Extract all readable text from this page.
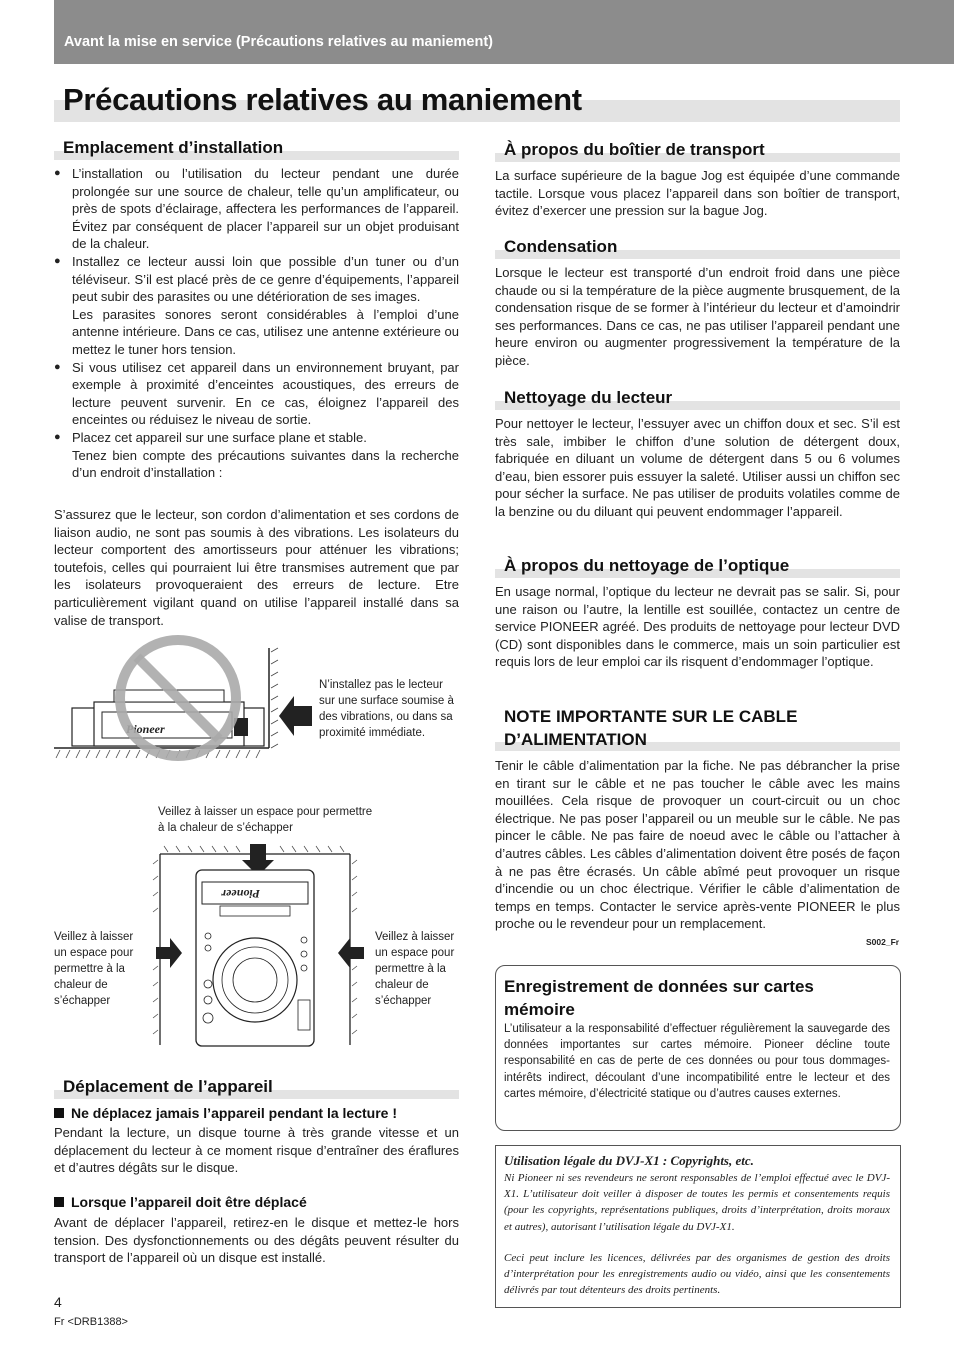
Avant la mise en service (Précautions relatives au maniement)
Précautions relatives au maniement
Emplacement d’installation
● L’installation ou l’utilisation du lecteur pendant une durée prolongée sur une source de chaleur, telle qu’un amplificateur, ou près de spots d’éclairage, affectera les performances de l’appareil. Évitez par conséquent de placer l’appareil sur un objet produisant de la chaleur.
● Installez ce lecteur aussi loin que possible d’un tuner ou d’un téléviseur. S’il est placé près de ce genre d’équipements, l’appareil peut subir des parasites ou une détérioration de ses images.
Les parasites sonores seront considérables à l’emploi d’une antenne intérieure. Dans ce cas, utilisez une antenne extérieure ou mettez le tuner hors tension.
● Si vous utilisez cet appareil dans un environnement bruyant, par exemple à proximité d’enceintes acoustiques, des erreurs de lecture peuvent survenir. En ce cas, éloignez l’appareil des enceintes ou réduisez le niveau de sortie.
● Placez cet appareil sur une surface plane et stable.
Tenez bien compte des précautions suivantes dans la recherche d’un endroit d’installation :
S’assurez que le lecteur, son cordon d’alimentation et ses cordons de liaison audio, ne sont pas soumis à des vibrations. Les isolateurs du lecteur comportent des amortisseurs pour atténuer les vibrations; toutefois, celles qui pourraient lui être transmises autrement que par les isolateurs provoqueraient des erreurs de lecture. Etre particulièrement vigilant quand on utilise l’appareil installé dans sa valise de transport.
Pioneer
N’installez pas le lecteur sur une surface soumise à des vibrations, ou dans sa proximité immédiate.
Veillez à laisser un espace pour permettre à la chaleur de s’échapper
Veillez à laisser un espace pour permettre à la chaleur de s’échapper
Veillez à laisser un espace pour permettre à la chaleur de s’échapper
Pioneer
Déplacement de l’appareil
Ne déplacez jamais l’appareil pendant la lecture !
Pendant la lecture, un disque tourne à très grande vitesse et un déplacement du lecteur à ce moment risque d’entraîner des éraflures et d’autres dégâts sur le disque.
Lorsque l’appareil doit être déplacé
Avant de déplacer l’appareil, retirez-en le disque et mettez-le hors tension. Des dysfonctionnements ou des dégâts peuvent résulter du transport de l’appareil où un disque est installé.
À propos du boîtier de transport
La surface supérieure de la bague Jog est équipée d’une commande tactile. Lorsque vous placez l’appareil dans son boîtier de transport, évitez d’exercer une pression sur la bague Jog.
Condensation
Lorsque le lecteur est transporté d’un endroit froid dans une pièce chaude ou si la température de la pièce augmente brusquement, de la condensation risque de se former à l’intérieur du lecteur et d’amoindrir ses performances. Dans ce cas, ne pas utiliser l’appareil pendant une heure environ ou augmenter progressivement la température de la pièce.
Nettoyage du lecteur
Pour nettoyer le lecteur, l’essuyer avec un chiffon doux et sec. S’il est très sale, imbiber le chiffon d’une solution de détergent doux, fabriquée en diluant un volume de détergent dans 5 ou 6 volumes d’eau, bien essorer puis essuyer la saleté. Utiliser aussi un chiffon sec pour sécher la surface. Ne pas utiliser de produits volatiles comme de la benzine ou du diluant qui peuvent endommager l’appareil.
À propos du nettoyage de l’optique
En usage normal, l’optique du lecteur ne devrait pas se salir. Si, pour une raison ou l’autre, la lentille est souillée, contactez un centre de service PIONEER agréé. Des produits de nettoyage pour lecteur DVD (CD) sont disponibles dans le commerce, mais un soin particulier est requis lors de leur emploi car ils risquent d’endommager l’optique.
NOTE IMPORTANTE SUR LE CABLE
D’ALIMENTATION
Tenir le câble d’alimentation par la fiche. Ne pas débrancher la prise en tirant sur le câble et ne pas toucher le câble avec les mains mouillées. Cela risque de provoquer un court-circuit ou un choc électrique. Ne pas poser l’appareil ou un meuble sur le câble. Ne pas pincer le câble. Ne pas faire de noeud avec le câble ou l’attacher à d’autres câbles. Les câbles d’alimentation doivent être posés de façon à ne pas être écrasés. Un câble abîmé peut provoquer un risque d’incendie ou un choc électrique. Vérifier le câble d’alimentation de temps en temps. Contacter le service après-vente PIONEER le plus proche ou le revendeur pour un remplacement.
S002_Fr
Enregistrement de données sur cartes mémoire
L’utilisateur a la responsabilité d’effectuer régulièrement la sauvegarde des données importantes sur cartes mémoire. Pioneer décline toute responsabilité en cas de perte de ces données ou pour tous dommages-intérêts indirect, découlant d’une incompatibilité entre le lecteur et des cartes mémoire, d’électricité statique ou d’autres causes externes.
Utilisation légale du DVJ-X1 : Copyrights, etc.
Ni Pioneer ni ses revendeurs ne seront responsables de l’emploi effectué avec le DVJ-X1. L’utilisateur doit veiller à disposer de toutes les permis et consentements requis (pour les copyrights, représentations publiques, droits d’interprétation, droits moraux et autres), autorisant l’utilisation légale du DVJ-X1.
Ceci peut inclure les licences, délivrées par des organismes de gestion des droits d’interprétation pour les enregistrements audio ou vidéo, ainsi que les consentements délivrés par tout détenteurs des droits pertinents.
4
Fr <DRB1388>
